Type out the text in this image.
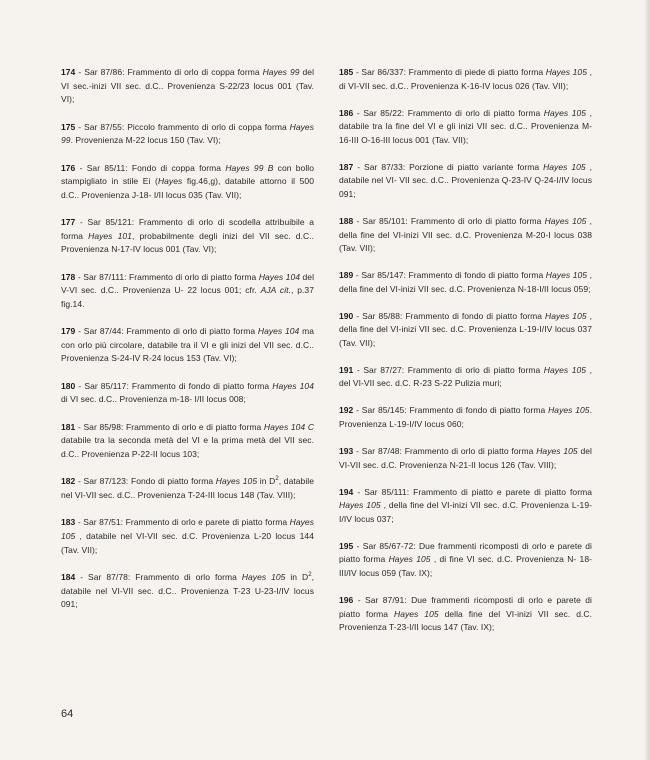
174 - Sar 87/86: Frammento di orlo di coppa forma Hayes 99 del VI sec.-inizi VII sec. d.C.. Provenienza S-22/23 locus 001 (Tav. VI);

175 - Sar 87/55: Piccolo frammento di orlo di coppa forma Hayes 99. Provenienza M-22 locus 150 (Tav. VI);

176 - Sar 85/11: Fondo di coppa forma Hayes 99 B con bollo stampigliato in stile Ei (Hayes fig.46,g), databile attorno il 500 d.C.. Provenienza J-18- I/II locus 035 (Tav. VII);

177 - Sar 85/121: Frammento di orlo di scodella attribuibile a forma Hayes 101, probabilmente degli inizi del VII sec. d.C.. Provenienza N-17-IV locus 001 (Tav. VI);

178 - Sar 87/111: Frammento di orlo di piatto forma Hayes 104 del V-VI sec. d.C.. Provenienza U- 22 locus 001; cfr. AJA cit., p.37 fig.14.

179 - Sar 87/44: Frammento di orlo di piatto forma Hayes 104 ma con orlo più circolare, databile tra il VI e gli inizi del VII sec. d.C.. Provenienza S-24-IV R-24 locus 153 (Tav. VI);

180 - Sar 85/117: Frammento di fondo di piatto forma Hayes 104 di VI sec. d.C.. Provenienza m-18- I/II locus 008;

181 - Sar 85/98: Frammento di orlo e di piatto forma Hayes 104 C databile tra la seconda metà del VI e la prima metà del VII sec. d.C.. Provenienza P-22-II locus 103;

182 - Sar 87/123: Fondo di piatto forma Hayes 105 in $D^2$, databile nel VI-VII sec. d.C.. Provenienza T-24-III locus 148 (Tav. VIII);

183 - Sar 87/51: Frammento di orlo e parete di piatto forma Hayes 105 , databile nel VI-VII sec. d.C. Provenienza L-20 locus 144 (Tav. VII);

184 - Sar 87/78: Frammento di orlo forma Hayes 105 in $D^2$, databile nel VI-VII sec. d.C.. Provenienza T-23 U-23-I/IV locus 091;

185 - Sar 86/337: Frammento di piede di piatto forma Hayes 105 , di VI-VII sec. d.C.. Provenienza K-16-IV locus 026 (Tav. VII);

186 - Sar 85/22: Frammento di orlo di piatto forma Hayes 105 , databile tra la fine del VI e gli inizi VII sec. d.C.. Provenienza M-16-III O-16-III locus 001 (Tav. VII);

187 - Sar 87/33: Porzione di piatto variante forma Hayes 105 , databile nel VI- VII sec. d.C.. Provenienza Q-23-IV Q-24-I/IV locus 091;

188 - Sar 85/101: Frammento di orlo di piatto forma Hayes 105 , della fine del VI-inizi VII sec. d.C. Provenienza M-20-I locus 038 (Tav. VII);

189 - Sar 85/147: Frammento di fondo di piatto forma Hayes 105 , della fine del VI-inizi VII sec. d.C. Provenienza N-18-I/II locus 059;

190 - Sar 85/88: Frammento di fondo di piatto forma Hayes 105 , della fine del VI-inizi VII sec. d.C. Provenienza L-19-I/IV locus 037 (Tav. VII);

191 - Sar 87/27: Frammento di orlo di piatto forma Hayes 105 , del VI-VII sec. d.C. R-23 S-22 Pulizia muri;

192 - Sar 85/145: Frammento di fondo di piatto forma Hayes 105. Provenienza L-19-I/IV locus 060;

193 - Sar 87/48: Frammento di orlo di piatto forma Hayes 105 del VI-VII sec. d.C. Provenienza N-21-II locus 126 (Tav. VIII);

194 - Sar 85/111: Frammento di piatto e parete di piatto forma Hayes 105 , della fine del VI-inizi VII sec. d.C. Provenienza L-19-I/IV locus 037;

195 - Sar 85/67-72: Due frammenti ricomposti di orlo e parete di piatto forma Hayes 105 , di fine VI sec. d.C. Provenienza N- 18-III/IV locus 059 (Tav. IX);

196 - Sar 87/91: Due frammenti ricomposti di orlo e parete di piatto forma Hayes 105 della fine del VI-inizi VII sec. d.C. Provenienza T-23-I/II locus 147 (Tav. IX);

64
